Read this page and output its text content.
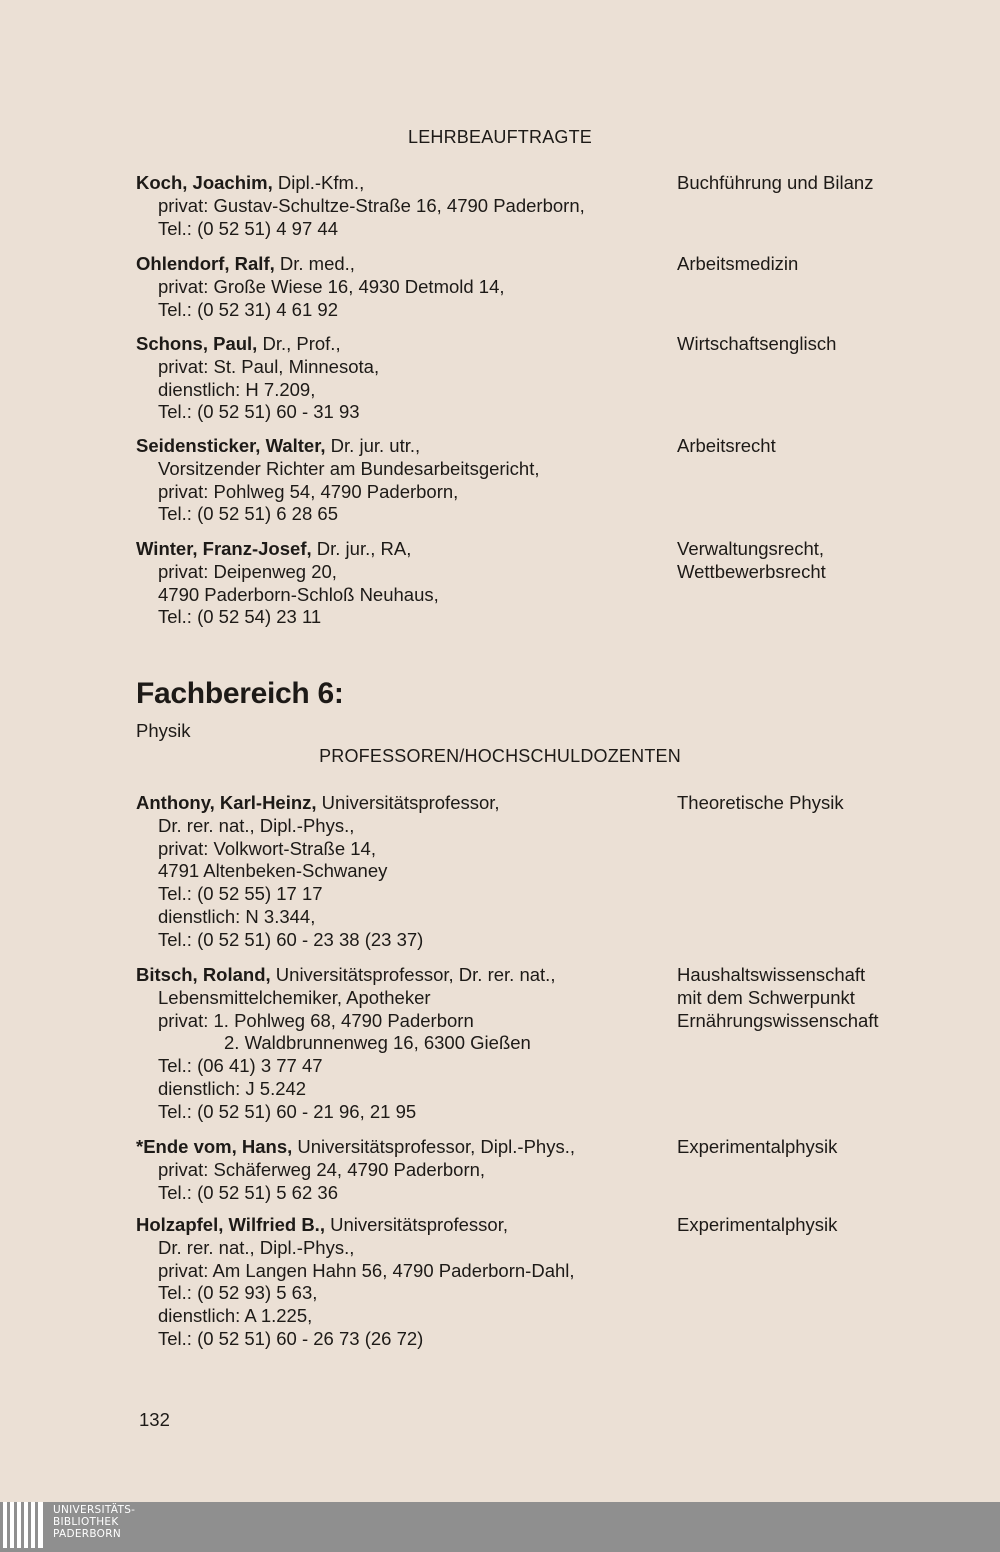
LEHRBEAUFTRAGTE
Koch, Joachim, Dipl.-Kfm.,
privat: Gustav-Schultze-Straße 16, 4790 Paderborn,
Tel.: (0 52 51) 4 97 44
Buchführung und Bilanz
Ohlendorf, Ralf, Dr. med.,
privat: Große Wiese 16, 4930 Detmold 14,
Tel.: (0 52 31) 4 61 92
Arbeitsmedizin
Schons, Paul, Dr., Prof.,
privat: St. Paul, Minnesota,
dienstlich: H 7.209,
Tel.: (0 52 51) 60 - 31 93
Wirtschaftsenglisch
Seidensticker, Walter, Dr. jur. utr.,
Vorsitzender Richter am Bundesarbeitsgericht,
privat: Pohlweg 54, 4790 Paderborn,
Tel.: (0 52 51) 6 28 65
Arbeitsrecht
Winter, Franz-Josef, Dr. jur., RA,
privat: Deipenweg 20,
4790 Paderborn-Schloß Neuhaus,
Tel.: (0 52 54) 23 11
Verwaltungsrecht,
Wettbewerbsrecht
Fachbereich 6:
Physik
PROFESSOREN/HOCHSCHULDOZENTEN
Anthony, Karl-Heinz, Universitätsprofessor,
Dr. rer. nat., Dipl.-Phys.,
privat: Volkwort-Straße 14,
4791 Altenbeken-Schwaney
Tel.: (0 52 55) 17 17
dienstlich: N 3.344,
Tel.: (0 52 51) 60 - 23 38 (23 37)
Theoretische Physik
Bitsch, Roland, Universitätsprofessor, Dr. rer. nat.,
Lebensmittelchemiker, Apotheker
privat: 1. Pohlweg 68, 4790 Paderborn
2. Waldbrunnenweg 16, 6300 Gießen
Tel.: (06 41) 3 77 47
dienstlich: J 5.242
Tel.: (0 52 51) 60 - 21 96, 21 95
Haushaltswissenschaft
mit dem Schwerpunkt
Ernährungswissenschaft
*Ende vom, Hans, Universitätsprofessor, Dipl.-Phys.,
privat: Schäferweg 24, 4790 Paderborn,
Tel.: (0 52 51) 5 62 36
Experimentalphysik
Holzapfel, Wilfried B., Universitätsprofessor,
Dr. rer. nat., Dipl.-Phys.,
privat: Am Langen Hahn 56, 4790 Paderborn-Dahl,
Tel.: (0 52 93) 5 63,
dienstlich: A 1.225,
Tel.: (0 52 51) 60 - 26 73 (26 72)
Experimentalphysik
132
UNIVERSITÄTS-
BIBLIOTHEK
PADERBORN
